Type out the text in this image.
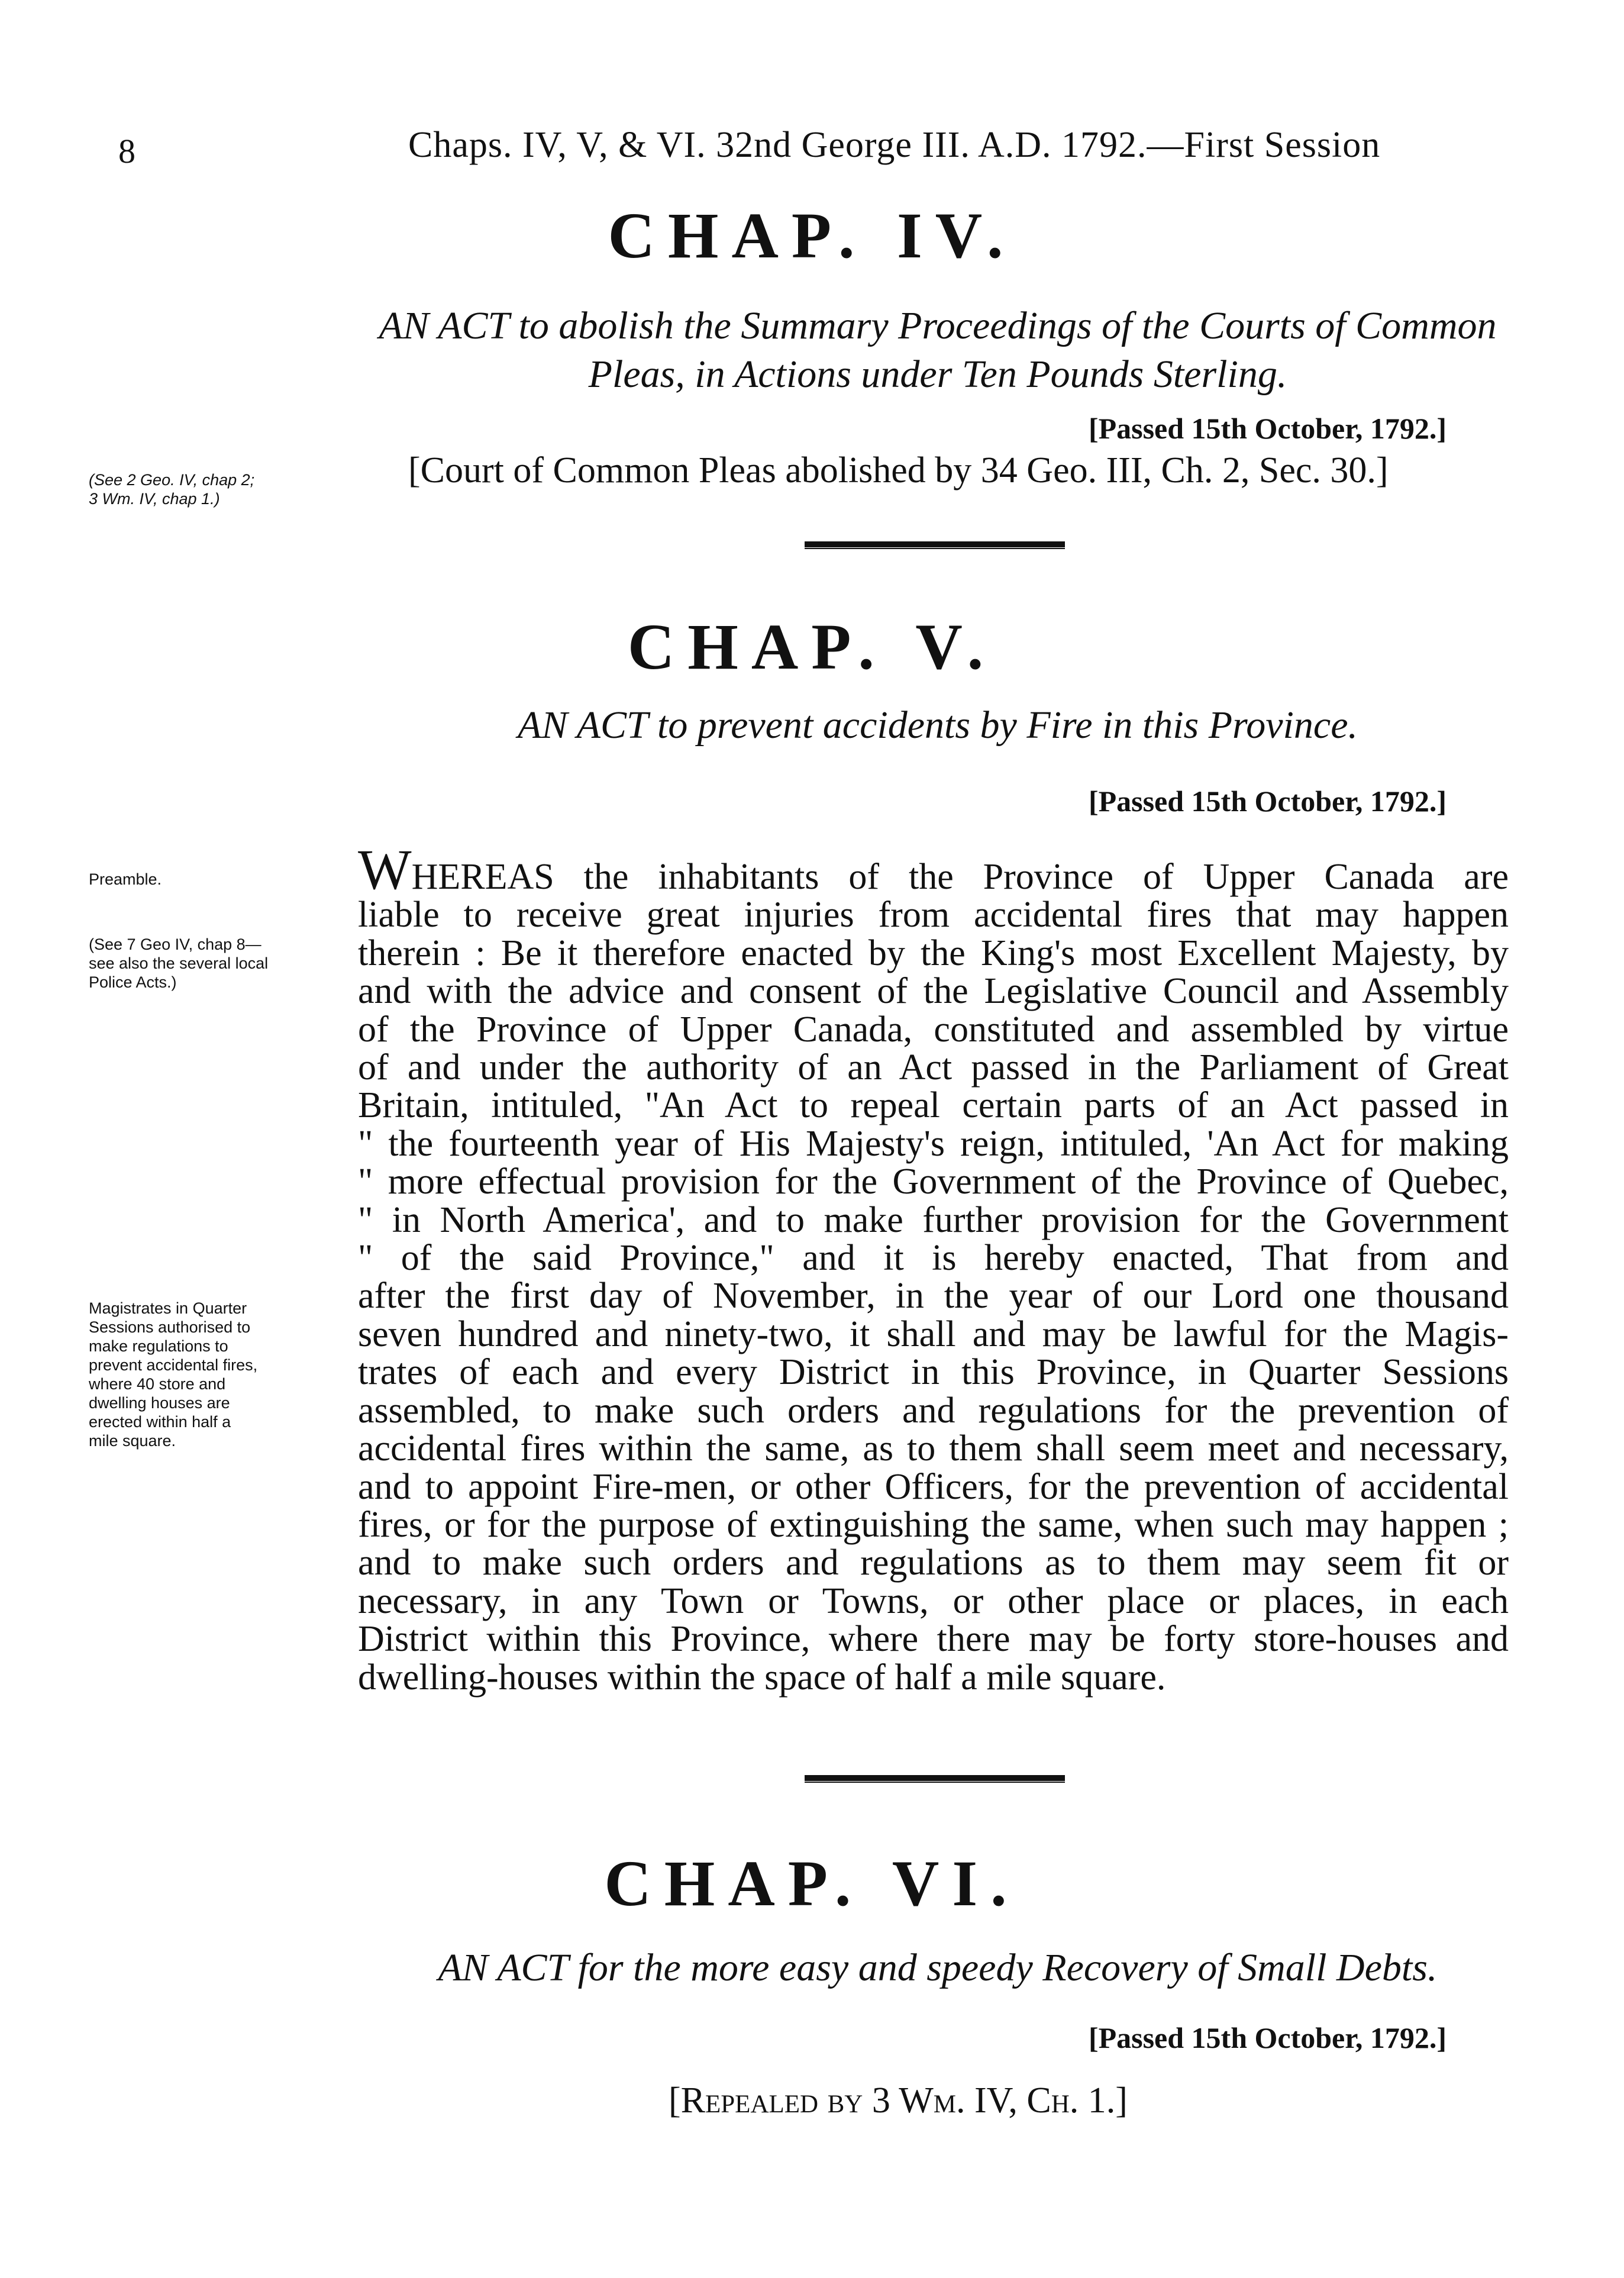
8	Chaps. IV, V, & VI. 32nd George III. A.D. 1792.—First Session
CHAP. IV.
AN ACT to abolish the Summary Proceedings of the Courts of Common
Pleas, in Actions under Ten Pounds Sterling.
[Passed 15th October, 1792.]
(See 2 Geo. IV, chap 2;
3 Wm. IV, chap 1.)
[Court of Common Pleas abolished by 34 Geo. III, Ch. 2, Sec. 30.]
CHAP. V.
AN ACT to prevent accidents by Fire in this Province.
[Passed 15th October, 1792.]
Preamble.
(See 7 Geo IV, chap 8—
see also the several local
Police Acts.)
Magistrates in Quarter
Sessions authorised to
make regulations to
prevent accidental fires,
where 40 store and
dwelling houses are
erected within half a
mile square.
WHEREAS the inhabitants of the Province of Upper Canada are
liable to receive great injuries from accidental fires that may happen
therein : Be it therefore enacted by the King's most Excellent Majesty, by
and with the advice and consent of the Legislative Council and Assembly
of the Province of Upper Canada, constituted and assembled by virtue
of and under the authority of an Act passed in the Parliament of Great
Britain, intituled, "An Act to repeal certain parts of an Act passed in
" the fourteenth year of His Majesty's reign, intituled, 'An Act for making
" more effectual provision for the Government of the Province of Quebec,
" in North America', and to make further provision for the Government
" of the said Province," and it is hereby enacted, That from and
after the first day of November, in the year of our Lord one thousand
seven hundred and ninety-two, it shall and may be lawful for the Magis-
trates of each and every District in this Province, in Quarter Sessions
assembled, to make such orders and regulations for the prevention of
accidental fires within the same, as to them shall seem meet and necessary,
and to appoint Fire-men, or other Officers, for the prevention of accidental
fires, or for the purpose of extinguishing the same, when such may happen ;
and to make such orders and regulations as to them may seem fit or
necessary, in any Town or Towns, or other place or places, in each
District within this Province, where there may be forty store-houses and
dwelling-houses within the space of half a mile square.
CHAP. VI.
AN ACT for the more easy and speedy Recovery of Small Debts.
[Passed 15th October, 1792.]
[Repealed by 3 Wm. IV, Ch. 1.]
